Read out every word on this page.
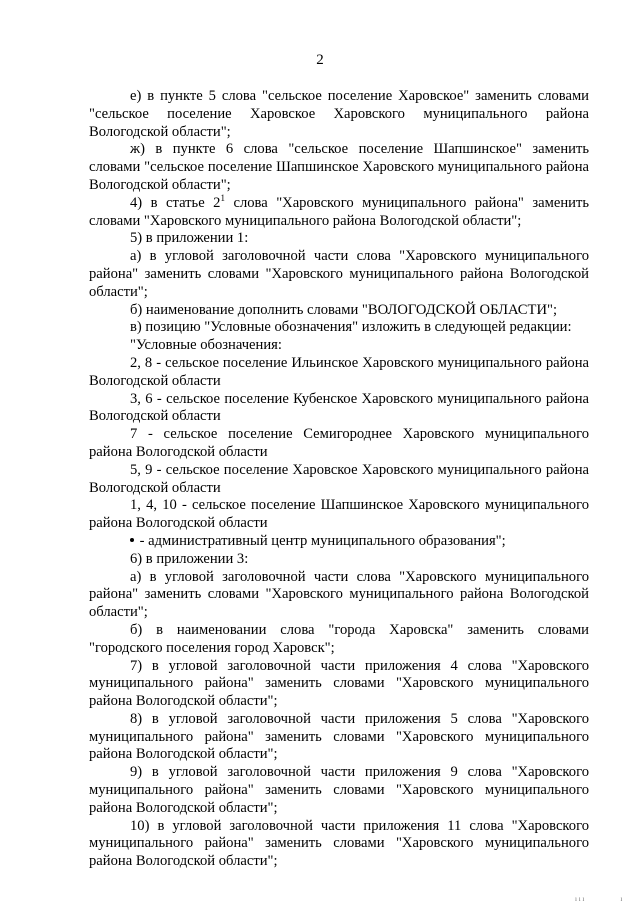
2

е) в пункте 5 слова "сельское поселение Харовское" заменить словами "сельское поселение Харовское Харовского муниципального района Вологодской области";

ж) в пункте 6 слова "сельское поселение Шапшинское" заменить словами "сельское поселение Шапшинское Харовского муниципального района Вологодской области";

4) в статье $2^1$ слова "Харовского муниципального района" заменить словами "Харовского муниципального района Вологодской области";

5) в приложении 1:

а) в угловой заголовочной части слова "Харовского муниципального района" заменить словами "Харовского муниципального района Вологодской области";

б) наименование дополнить словами "ВОЛОГОДСКОЙ ОБЛАСТИ";

в) позицию "Условные обозначения" изложить в следующей редакции:

"Условные обозначения:

2, 8 - сельское поселение Ильинское Харовского муниципального района Вологодской области

3, 6 - сельское поселение Кубенское Харовского муниципального района Вологодской области

7 - сельское поселение Семигороднее Харовского муниципального района Вологодской области

5, 9 - сельское поселение Харовское Харовского муниципального района Вологодской области

1, 4, 10 - сельское поселение Шапшинское Харовского муниципального района Вологодской области

- административный центр муниципального образования";

6) в приложении 3:

а) в угловой заголовочной части слова "Харовского муниципального района" заменить словами "Харовского муниципального района Вологодской области";

б) в наименовании слова "города Харовска" заменить словами "городского поселения город Харовск";

7) в угловой заголовочной части приложения 4 слова "Харовского муниципального района" заменить словами "Харовского муниципального района Вологодской области";

8) в угловой заголовочной части приложения 5 слова "Харовского муниципального района" заменить словами "Харовского муниципального района Вологодской области";

9) в угловой заголовочной части приложения 9 слова "Харовского муниципального района" заменить словами "Харовского муниципального района Вологодской области";

10) в угловой заголовочной части приложения 11 слова "Харовского муниципального района" заменить словами "Харовского муниципального района Вологодской области";

ı ı ı	ı
